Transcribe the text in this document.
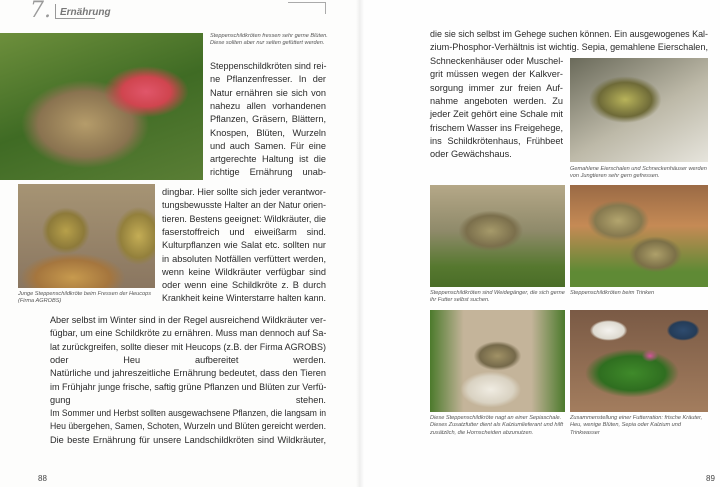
7. Ernährung
Steppenschildkröten fressen sehr gerne Blüten. Diese sollten aber nur selten gefüttert werden.
Junge Steppenschildkröte beim Fressen der Heucops (Firma AGROBS)
Steppenschildkröten sind rei-
ne Pflanzenfresser. In der
Natur ernähren sie sich von
nahezu allen vorhandenen
Pflanzen, Gräsern, Blättern,
Knospen, Blüten, Wurzeln
und auch Samen. Für eine
artgerechte Haltung ist die
richtige Ernährung unab-
dingbar. Hier sollte sich jeder verantwor-
tungsbewusste Halter an der Natur orien-
tieren. Bestens geeignet: Wildkräuter, die
faserstoffreich und eiweißarm sind.
Kulturpflanzen wie Salat etc. sollten nur
in absoluten Notfällen verfüttert werden,
wenn keine Wildkräuter verfügbar sind
oder wenn eine Schildkröte z. B durch
Krankheit keine Winterstarre halten kann.
Aber selbst im Winter sind in der Regel ausreichend Wildkräuter ver-
fügbar, um eine Schildkröte zu ernähren. Muss man dennoch auf Sa-
lat zurückgreifen, sollte dieser mit Heucops (z.B. der Firma AGROBS)
oder Heu aufbereitet werden.
Natürliche und jahreszeitliche Ernährung bedeutet, dass den Tieren
im Frühjahr junge frische, saftig grüne Pflanzen und Blüten zur Verfü-
gung stehen.
Im Sommer und Herbst sollten ausgewachsene Pflanzen, die langsam in
Heu übergehen, Samen, Schoten, Wurzeln und Blüten gereicht werden.
Die beste Ernährung für unsere Landschildkröten sind Wildkräuter,
88
die sie sich selbst im Gehege suchen können. Ein ausgewogenes Kal-
zium-Phosphor-Verhältnis ist wichtig. Sepia, gemahlene Eierschalen,
Schneckenhäuser oder Muschel-
grit müssen wegen der Kalkver-
sorgung immer zur freien Auf-
nahme angeboten werden. Zu
jeder Zeit gehört eine Schale mit
frischem Wasser ins Freigehege,
ins Schildkrötenhaus, Frühbeet
oder Gewächshaus.
Gemahlene Eierschalen und Schneckenhäuser werden von Jungtieren sehr gern gefressen.
Steppenschildkröten sind Weidegänger, die sich gerne ihr Futter selbst suchen.
Steppenschildkröten beim Trinken
Diese Steppenschildkröte nagt an einer Sepiaschale. Dieses Zusatzfutter dient als Kalziumlieferant und hilft zusätzlich, die Hornscheiden abzunutzen.
Zusammenstellung einer Futterration: frische Kräuter, Heu, wenige Blüten, Sepia oder Kalzium und Trinkwasser
89
